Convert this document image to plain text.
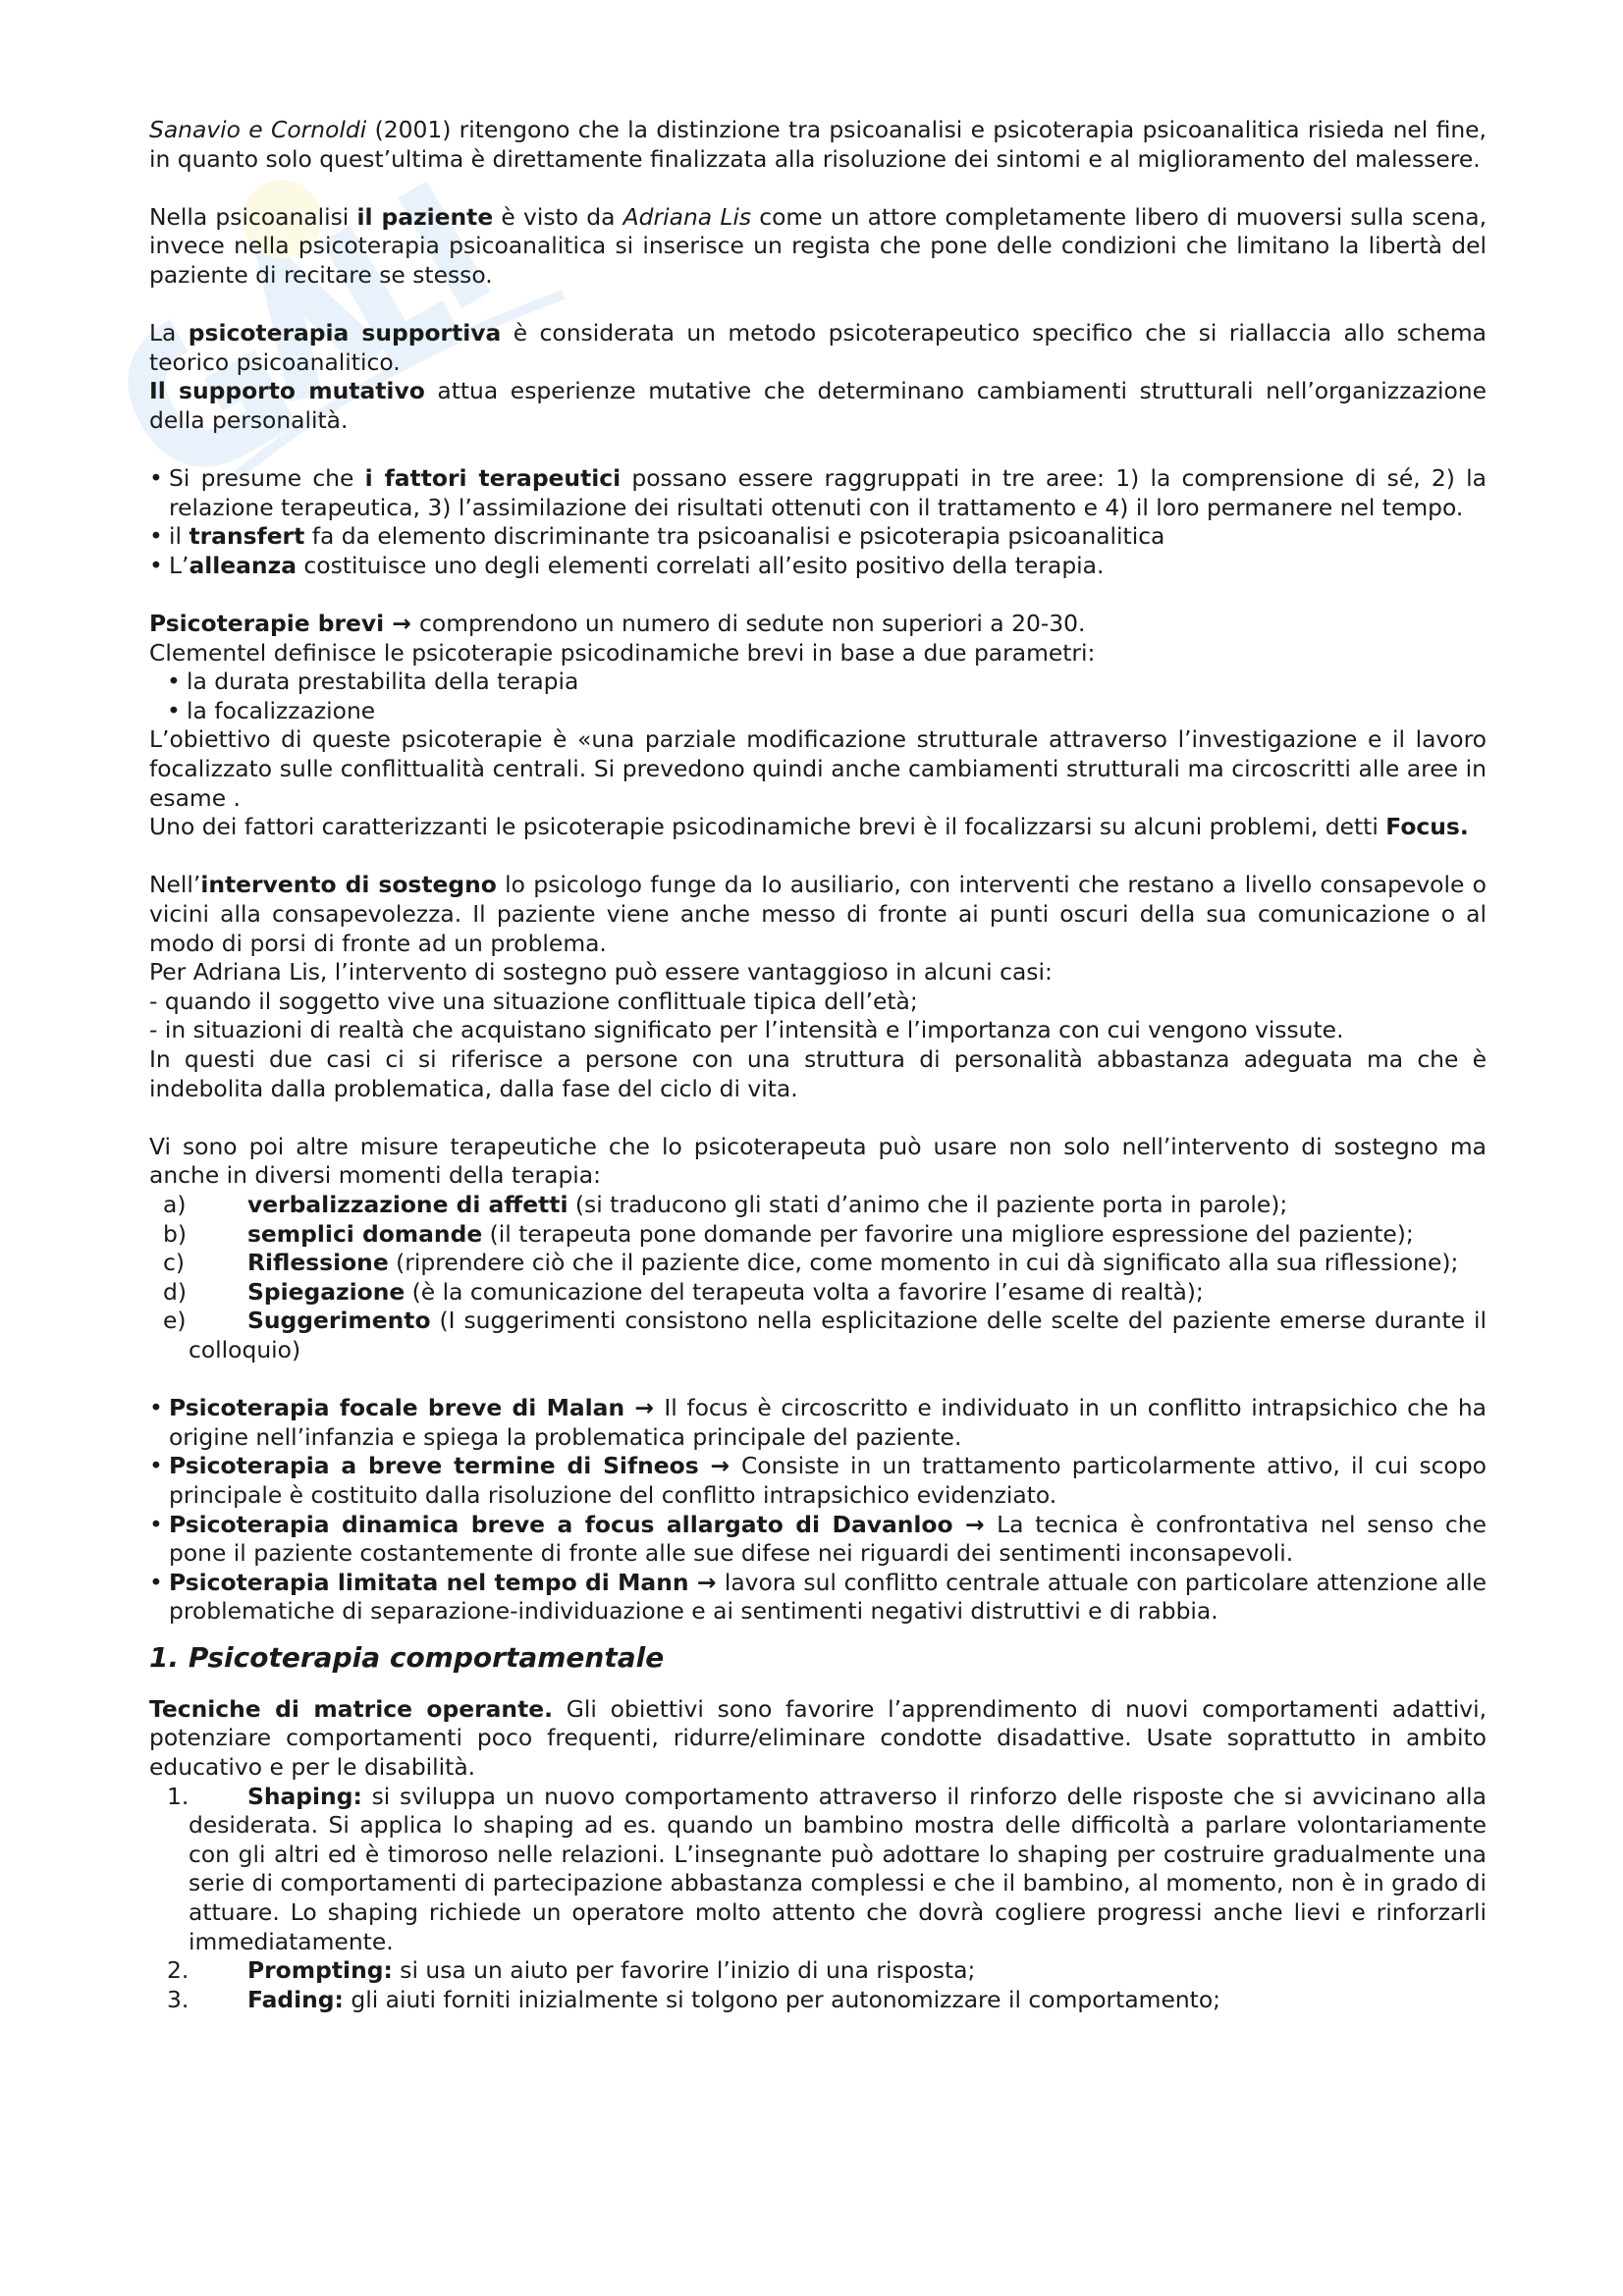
Sanavio e Cornoldi (2001) ritengono che la distinzione tra psicoanalisi e psicoterapia psicoanalitica risieda nel fine, in quanto solo quest’ultima è direttamente finalizzata alla risoluzione dei sintomi e al miglioramento del malessere.

Nella psicoanalisi il paziente è visto da Adriana Lis come un attore completamente libero di muoversi sulla scena, invece nella psicoterapia psicoanalitica si inserisce un regista che pone delle condizioni che limitano la libertà del paziente di recitare se stesso.

La psicoterapia supportiva è considerata un metodo psicoterapeutico specifico che si riallaccia allo schema teorico psicoanalitico.

Il supporto mutativo attua esperienze mutative che determinano cambiamenti strutturali nell’organizzazione della personalità.

• Si presume che i fattori terapeutici possano essere raggruppati in tre aree: 1) la comprensione di sé, 2) la relazione terapeutica, 3) l’assimilazione dei risultati ottenuti con il trattamento e 4) il loro permanere nel tempo.
• il transfert fa da elemento discriminante tra psicoanalisi e psicoterapia psicoanalitica
• L’alleanza costituisce uno degli elementi correlati all’esito positivo della terapia.

Psicoterapie brevi → comprendono un numero di sedute non superiori a 20-30.

Clementel definisce le psicoterapie psicodinamiche brevi in base a due parametri:

• la durata prestabilita della terapia
• la focalizzazione

L’obiettivo di queste psicoterapie è «una parziale modificazione strutturale attraverso l’investigazione e il lavoro focalizzato sulle conflittualità centrali. Si prevedono quindi anche cambiamenti strutturali ma circoscritti alle aree in esame .

Uno dei fattori caratterizzanti le psicoterapie psicodinamiche brevi è il focalizzarsi su alcuni problemi, detti Focus.

Nell’intervento di sostegno lo psicologo funge da Io ausiliario, con interventi che restano a livello consapevole o vicini alla consapevolezza. Il paziente viene anche messo di fronte ai punti oscuri della sua comunicazione o al modo di porsi di fronte ad un problema.

Per Adriana Lis, l’intervento di sostegno può essere vantaggioso in alcuni casi:

- quando il soggetto vive una situazione conflittuale tipica dell’età;

- in situazioni di realtà che acquistano significato per l’intensità e l’importanza con cui vengono vissute.

In questi due casi ci si riferisce a persone con una struttura di personalità abbastanza adeguata ma che è indebolita dalla problematica, dalla fase del ciclo di vita.

Vi sono poi altre misure terapeutiche che lo psicoterapeuta può usare non solo nell’intervento di sostegno ma anche in diversi momenti della terapia:

a)	verbalizzazione di affetti (si traducono gli stati d’animo che il paziente porta in parole);
b)	semplici domande (il terapeuta pone domande per favorire una migliore espressione del paziente);
c)	Riflessione (riprendere ciò che il paziente dice, come momento in cui dà significato alla sua riflessione);
d)	Spiegazione (è la comunicazione del terapeuta volta a favorire l’esame di realtà);
e)	Suggerimento (I suggerimenti consistono nella esplicitazione delle scelte del paziente emerse durante il colloquio)
• Psicoterapia focale breve di Malan → Il focus è circoscritto e individuato in un conflitto intrapsichico che ha origine nell’infanzia e spiega la problematica principale del paziente.
• Psicoterapia a breve termine di Sifneos → Consiste in un trattamento particolarmente attivo, il cui scopo principale è costituito dalla risoluzione del conflitto intrapsichico evidenziato.
• Psicoterapia dinamica breve a focus allargato di Davanloo → La tecnica è confrontativa nel senso che pone il paziente costantemente di fronte alle sue difese nei riguardi dei sentimenti inconsapevoli.
• Psicoterapia limitata nel tempo di Mann → lavora sul conflitto centrale attuale con particolare attenzione alle problematiche di separazione-individuazione e ai sentimenti negativi distruttivi e di rabbia.
1. Psicoterapia comportamentale

Tecniche di matrice operante. Gli obiettivi sono favorire l’apprendimento di nuovi comportamenti adattivi, potenziare comportamenti poco frequenti, ridurre/eliminare condotte disadattive. Usate soprattutto in ambito educativo e per le disabilità.

1.	Shaping: si sviluppa un nuovo comportamento attraverso il rinforzo delle risposte che si avvicinano alla desiderata. Si applica lo shaping ad es. quando un bambino mostra delle difficoltà a parlare volontariamente con gli altri ed è timoroso nelle relazioni. L’insegnante può adottare lo shaping per costruire gradualmente una serie di comportamenti di partecipazione abbastanza complessi e che il bambino, al momento, non è in grado di attuare. Lo shaping richiede un operatore molto attento che dovrà cogliere progressi anche lievi e rinforzarli immediatamente.
2.	Prompting: si usa un aiuto per favorire l’inizio di una risposta;
3.	Fading: gli aiuti forniti inizialmente si tolgono per autonomizzare il comportamento;
